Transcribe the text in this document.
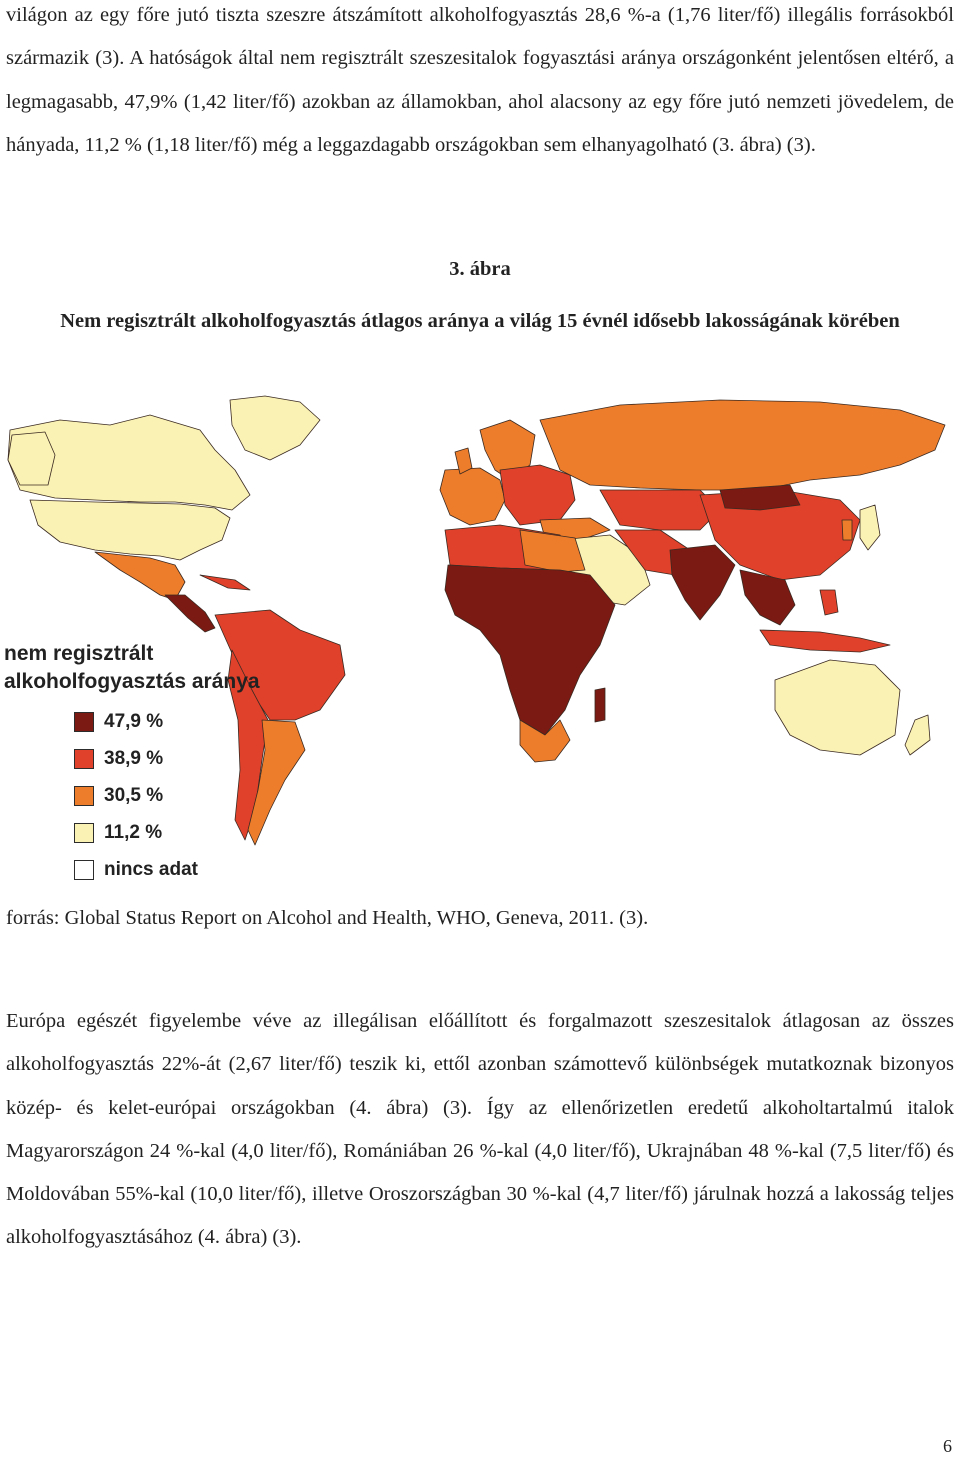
világon az egy főre jutó tiszta szeszre átszámított alkoholfogyasztás 28,6 %-a (1,76 liter/fő) illegális forrásokból származik (3). A hatóságok által nem regisztrált szeszesitalok fogyasztási aránya országonként jelentősen eltérő, a legmagasabb, 47,9% (1,42 liter/fő) azokban az államokban, ahol alacsony az egy főre jutó nemzeti jövedelem, de hányada, 11,2 % (1,18 liter/fő) még a leggazdagabb országokban sem elhanyagolható (3. ábra) (3).

3. ábra
Nem regisztrált alkoholfogyasztás átlagos aránya a világ 15 évnél idősebb lakosságának körében
nem regisztrált alkoholfogyasztás aránya
47,9 %
38,9 %
30,5 %
11,2 %
nincs adat

forrás: Global Status Report on Alcohol and Health, WHO, Geneva, 2011. (3).

Európa egészét figyelembe véve az illegálisan előállított és forgalmazott szeszesitalok átlagosan az összes alkoholfogyasztás 22%-át (2,67 liter/fő) teszik ki, ettől azonban számottevő különbségek mutatkoznak bizonyos közép- és kelet-európai országokban (4. ábra) (3). Így az ellenőrizetlen eredetű alkoholtartalmú italok Magyarországon 24 %-kal (4,0 liter/fő), Romániában 26 %-kal (4,0 liter/fő), Ukrajnában 48 %-kal (7,5 liter/fő) és Moldovában 55%-kal (10,0 liter/fő), illetve Oroszországban 30 %-kal (4,7 liter/fő) járulnak hozzá a lakosság teljes alkoholfogyasztásához (4. ábra) (3).

6
